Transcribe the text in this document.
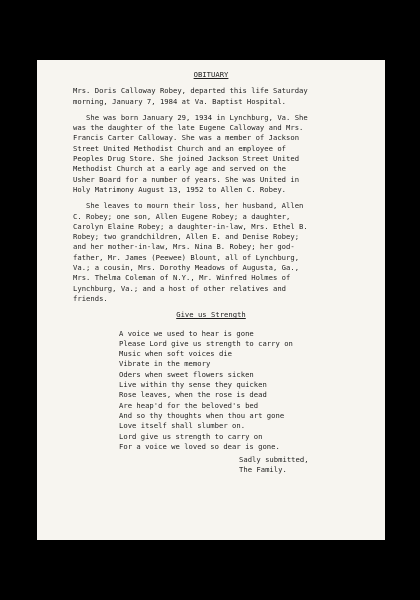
OBITUARY
Mrs. Doris Calloway Robey, departed this life Saturday
morning, January 7, 1984 at Va. Baptist Hospital.
She was born January 29, 1934 in Lynchburg, Va. She
was the daughter of the late Eugene Calloway and Mrs.
Francis Carter Calloway. She was a member of Jackson
Street United Methodist Church and an employee of
Peoples Drug Store. She joined Jackson Street United
Methodist Church at a early age and served on the
Usher Board for a number of years. She was United in
Holy Matrimony August 13, 1952 to Allen C. Robey.
She leaves to mourn their loss, her husband, Allen
C. Robey; one son, Allen Eugene Robey; a daughter,
Carolyn Elaine Robey; a daughter-in-law, Mrs. Ethel B.
Robey; two grandchildren, Allen E. and Denise Robey;
and her mother-in-law, Mrs. Nina B. Robey; her god-
father, Mr. James (Peewee) Blount, all of Lynchburg,
Va.; a cousin, Mrs. Dorothy Meadows of Augusta, Ga.,
Mrs. Thelma Coleman of N.Y., Mr. Winfred Holmes of
Lynchburg, Va.; and a host of other relatives and
friends.
Give us Strength
A voice we used to hear is gone
Please Lord give us strength to carry on
Music when soft voices die
Vibrate in the memory
Oders when sweet flowers sicken
Live within thy sense they quicken
Rose leaves, when the rose is dead
Are heap'd for the beloved's bed
And so thy thoughts when thou art gone
Love itself shall slumber on.
Lord give us strength to carry on
For a voice we loved so dear is gone.
Sadly submitted,
The Family.
